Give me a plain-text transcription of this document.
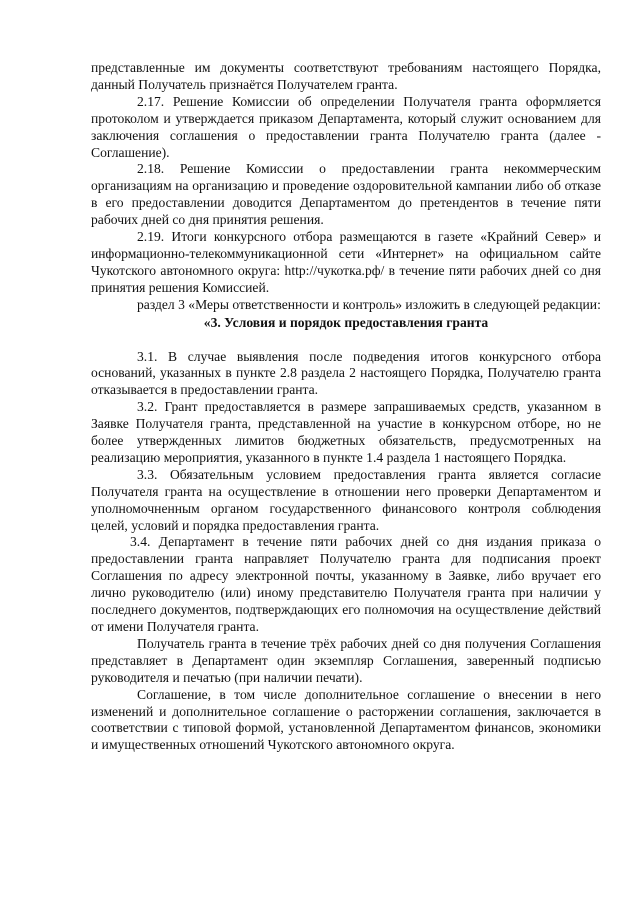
представленные им документы соответствуют требованиям настоящего Порядка, данный Получатель признаётся Получателем гранта.

2.17. Решение Комиссии об определении Получателя гранта оформляется протоколом и утверждается приказом Департамента, который служит основанием для заключения соглашения о предоставлении гранта Получателю гранта (далее - Соглашение).

2.18. Решение Комиссии о предоставлении гранта некоммерческим организациям на организацию и проведение оздоровительной кампании либо об отказе в его предоставлении доводится Департаментом до претендентов в течение пяти рабочих дней со дня принятия решения.

2.19. Итоги конкурсного отбора размещаются в газете «Крайний Север» и информационно-телекоммуникационной сети «Интернет» на официальном сайте Чукотского автономного округа: http://чукотка.рф/ в течение пяти рабочих дней со дня принятия решения Комиссией.

раздел 3 «Меры ответственности и контроль» изложить в следующей редакции:

«3. Условия и порядок предоставления гранта

3.1. В случае выявления после подведения итогов конкурсного отбора оснований, указанных в пункте 2.8 раздела 2 настоящего Порядка, Получателю гранта отказывается в предоставлении гранта.

3.2. Грант предоставляется в размере запрашиваемых средств, указанном в Заявке Получателя гранта, представленной на участие в конкурсном отборе, но не более утвержденных лимитов бюджетных обязательств, предусмотренных на реализацию мероприятия, указанного в пункте 1.4 раздела 1 настоящего Порядка.

3.3. Обязательным условием предоставления гранта является согласие Получателя гранта на осуществление в отношении него проверки Департаментом и уполномочненным органом государственного финансового контроля соблюдения целей, условий и порядка предоставления гранта.

3.4. Департамент в течение пяти рабочих дней со дня издания приказа о предоставлении гранта направляет Получателю гранта для подписания проект Соглашения по адресу электронной почты, указанному в Заявке, либо вручает его лично руководителю (или) иному представителю Получателя гранта при наличии у последнего документов, подтверждающих его полномочия на осуществление действий от имени Получателя гранта.

Получатель гранта в течение трёх рабочих дней со дня получения Соглашения представляет в Департамент один экземпляр Соглашения, заверенный подписью руководителя и печатью (при наличии печати).

Соглашение, в том числе дополнительное соглашение о внесении в него изменений и дополнительное соглашение о расторжении соглашения, заключается в соответствии с типовой формой, установленной Департаментом финансов, экономики и имущественных отношений Чукотского автономного округа.
